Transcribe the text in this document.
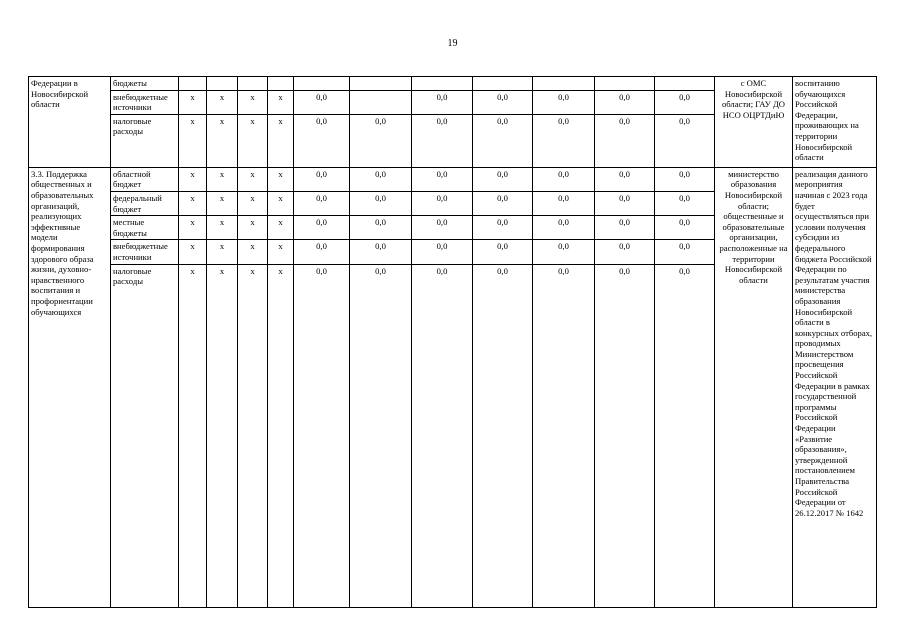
19
Федерации в Новосибирской области	бюджеты												с ОМС Новосибирской области; ГАУ ДО НСО ОЦРТДиЮ	воспитанию обучающихся Российской Федерации, проживающих на территории Новосибирской области

	внебюджетные источники	x	x	x	x	0,0		0,0	0,0	0,0	0,0	0,0		
	налоговые расходы	x	x	x	x	0,0	0,0	0,0	0,0	0,0	0,0	0,0		

3.3. Поддержка общественных и образовательных организаций, реализующих эффективные модели формирования здорового образа жизни, духовно-нравственного воспитания и профориентации обучающихся	областной бюджет	x	x	x	x	0,0	0,0	0,0	0,0	0,0	0,0	0,0	министерство образования Новосибирской области; общественные и образовательные организации, расположенные на территории Новосибирской области	реализация данного мероприятия начиная с 2023 года будет осуществляться при условии получения субсидии из федерального бюджета Российской Федерации по результатам участия министерства образования Новосибирской области в конкурсных отборах, проводимых Министерством просвещения Российской Федерации в рамках государственной программы Российской Федерации «Развитие образования», утвержденной постановлением Правительства Российской Федерации от 26.12.2017 № 1642

	федеральный бюджет	x	x	x	x	0,0	0,0	0,0	0,0	0,0	0,0	0,0		
	местные бюджеты	x	x	x	x	0,0	0,0	0,0	0,0	0,0	0,0	0,0		
	внебюджетные источники	x	x	x	x	0,0	0,0	0,0	0,0	0,0	0,0	0,0		
	налоговые расходы	x	x	x	x	0,0	0,0	0,0	0,0	0,0	0,0	0,0		
